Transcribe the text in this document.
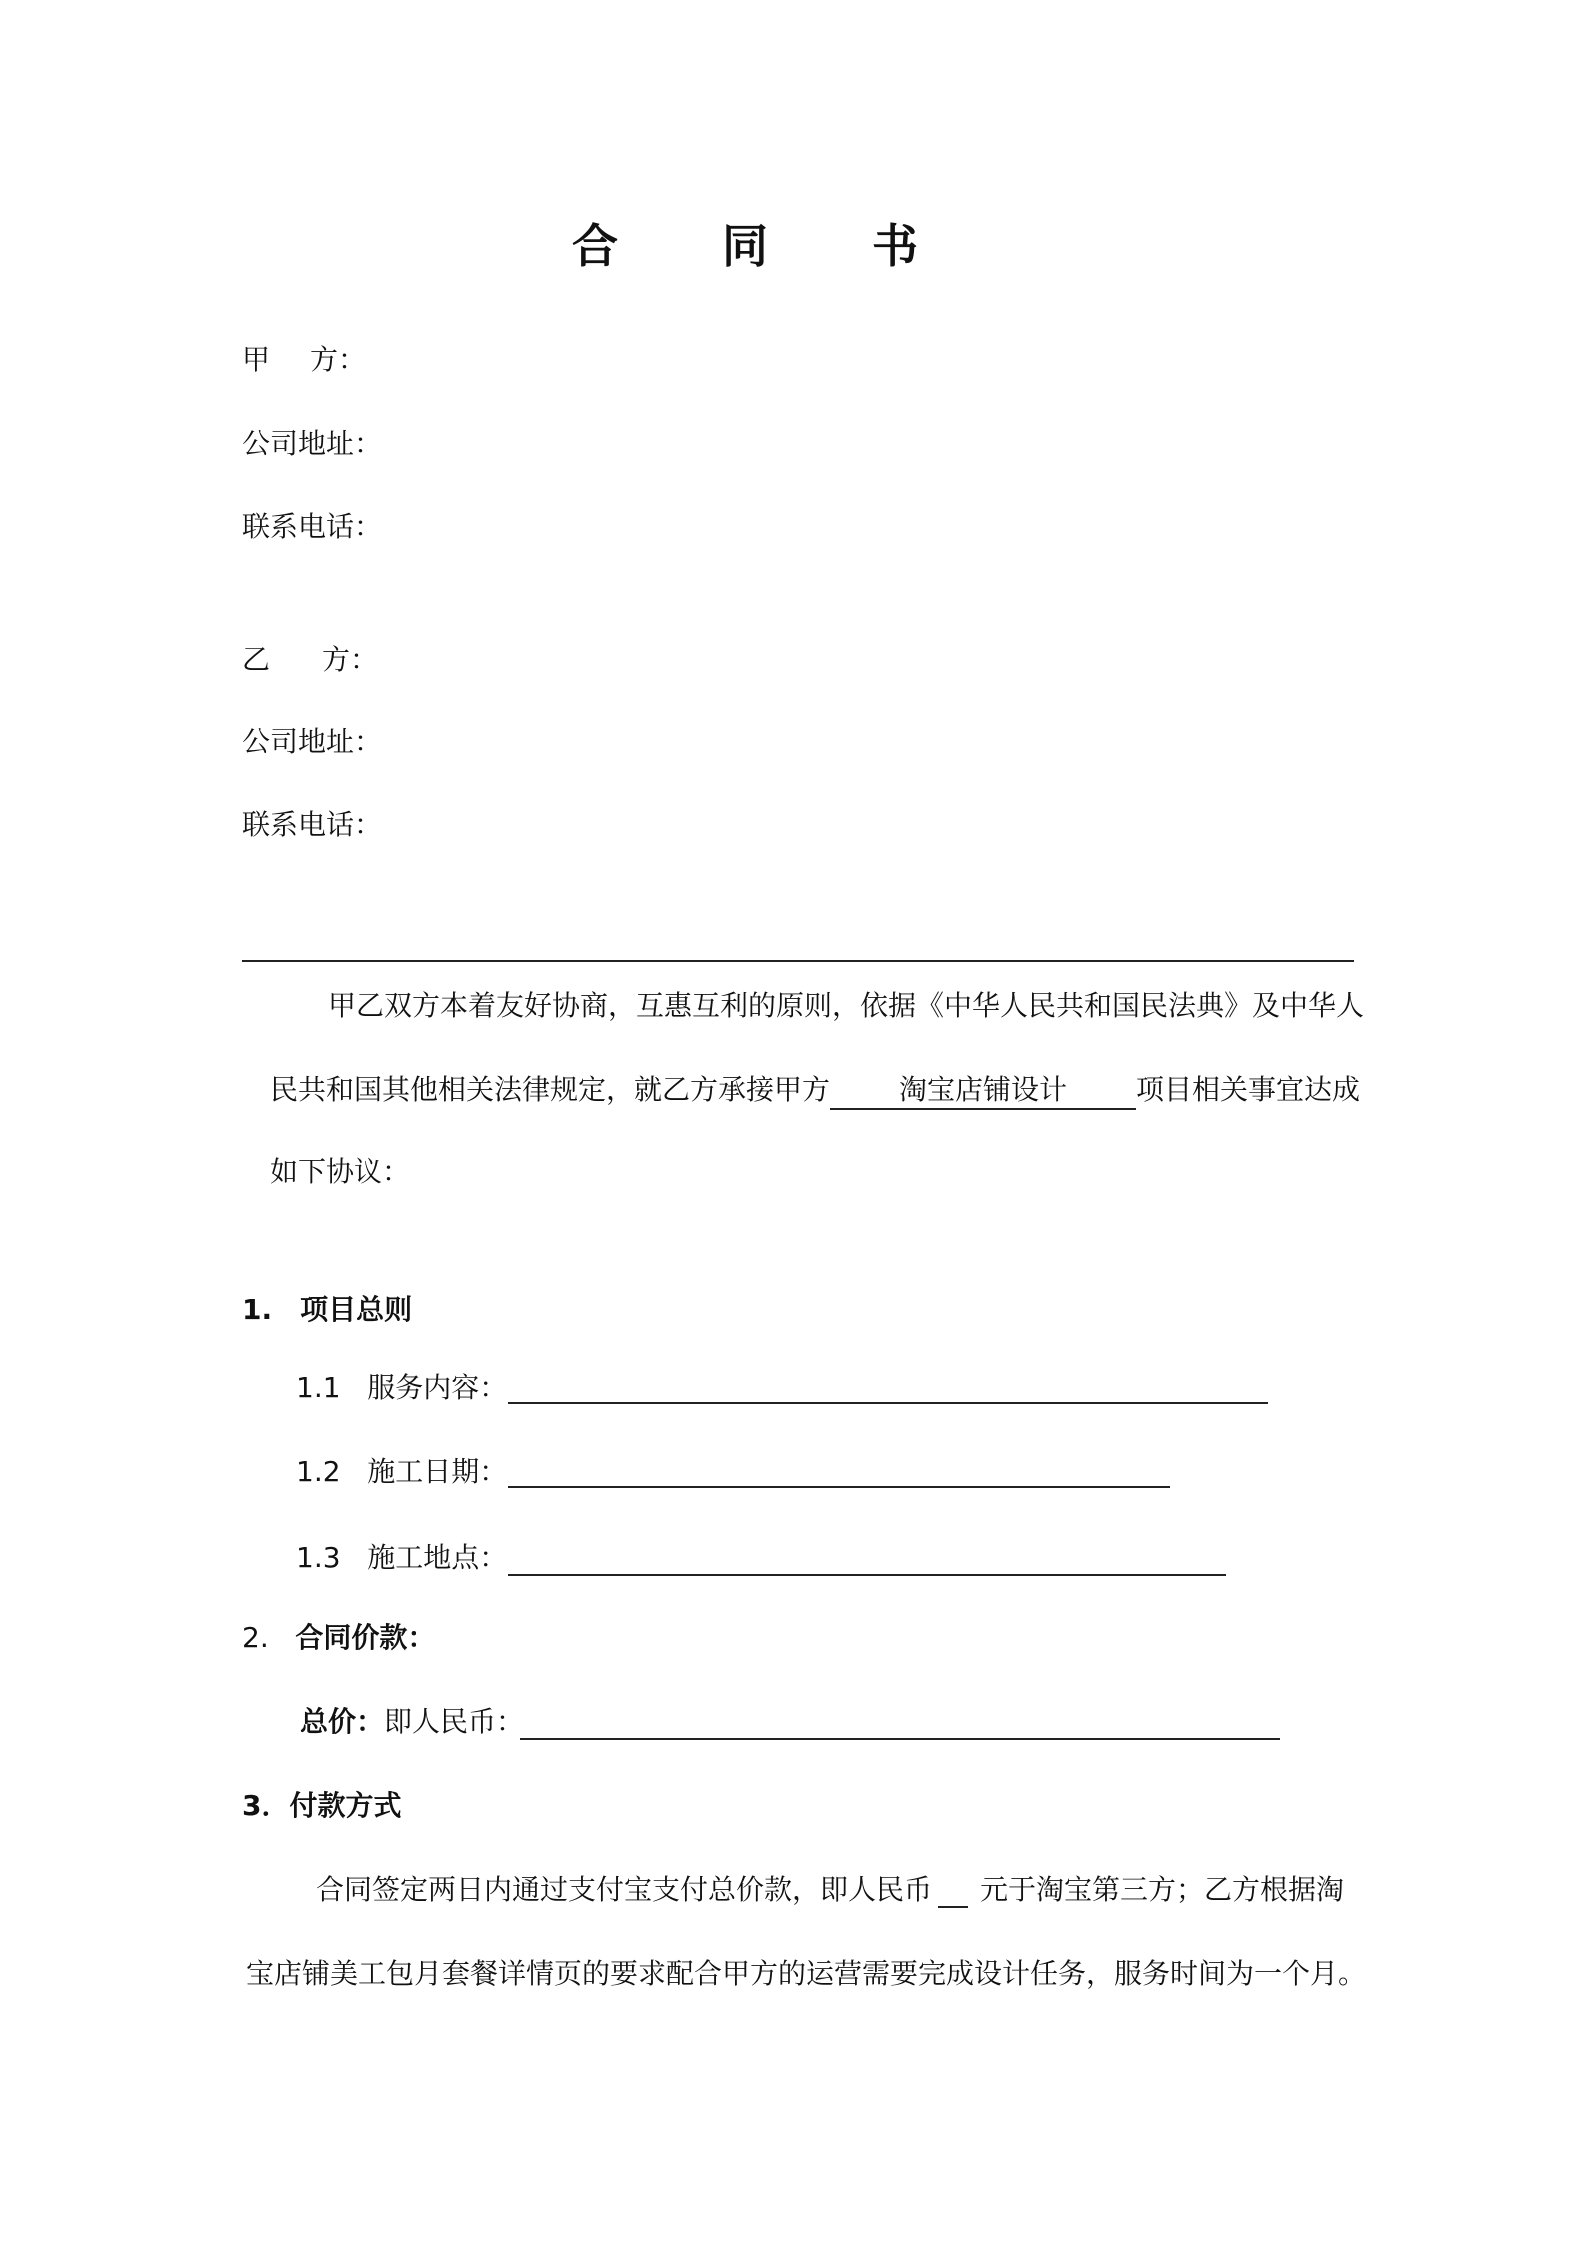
合 同 书
甲方：
公司地址：
联系电话：
乙方：
公司地址：
联系电话：
甲乙双方本着友好协商，互惠互利的原则，依据《中华人民共和国民法典》及中华人
民共和国其他相关法律规定，就乙方承接甲方 淘宝店铺设计 项目相关事宜达成
如下协议：
1.　项目总则
1.1 服务内容：
1.2 施工日期：
1.3 施工地点：
2. 合同价款：
总价：即人民币：
3．付款方式
合同签定两日内通过支付宝支付总价款，即人民币 元于淘宝第三方；乙方根据淘
宝店铺美工包月套餐详情页的要求配合甲方的运营需要完成设计任务，服务时间为一个月。
